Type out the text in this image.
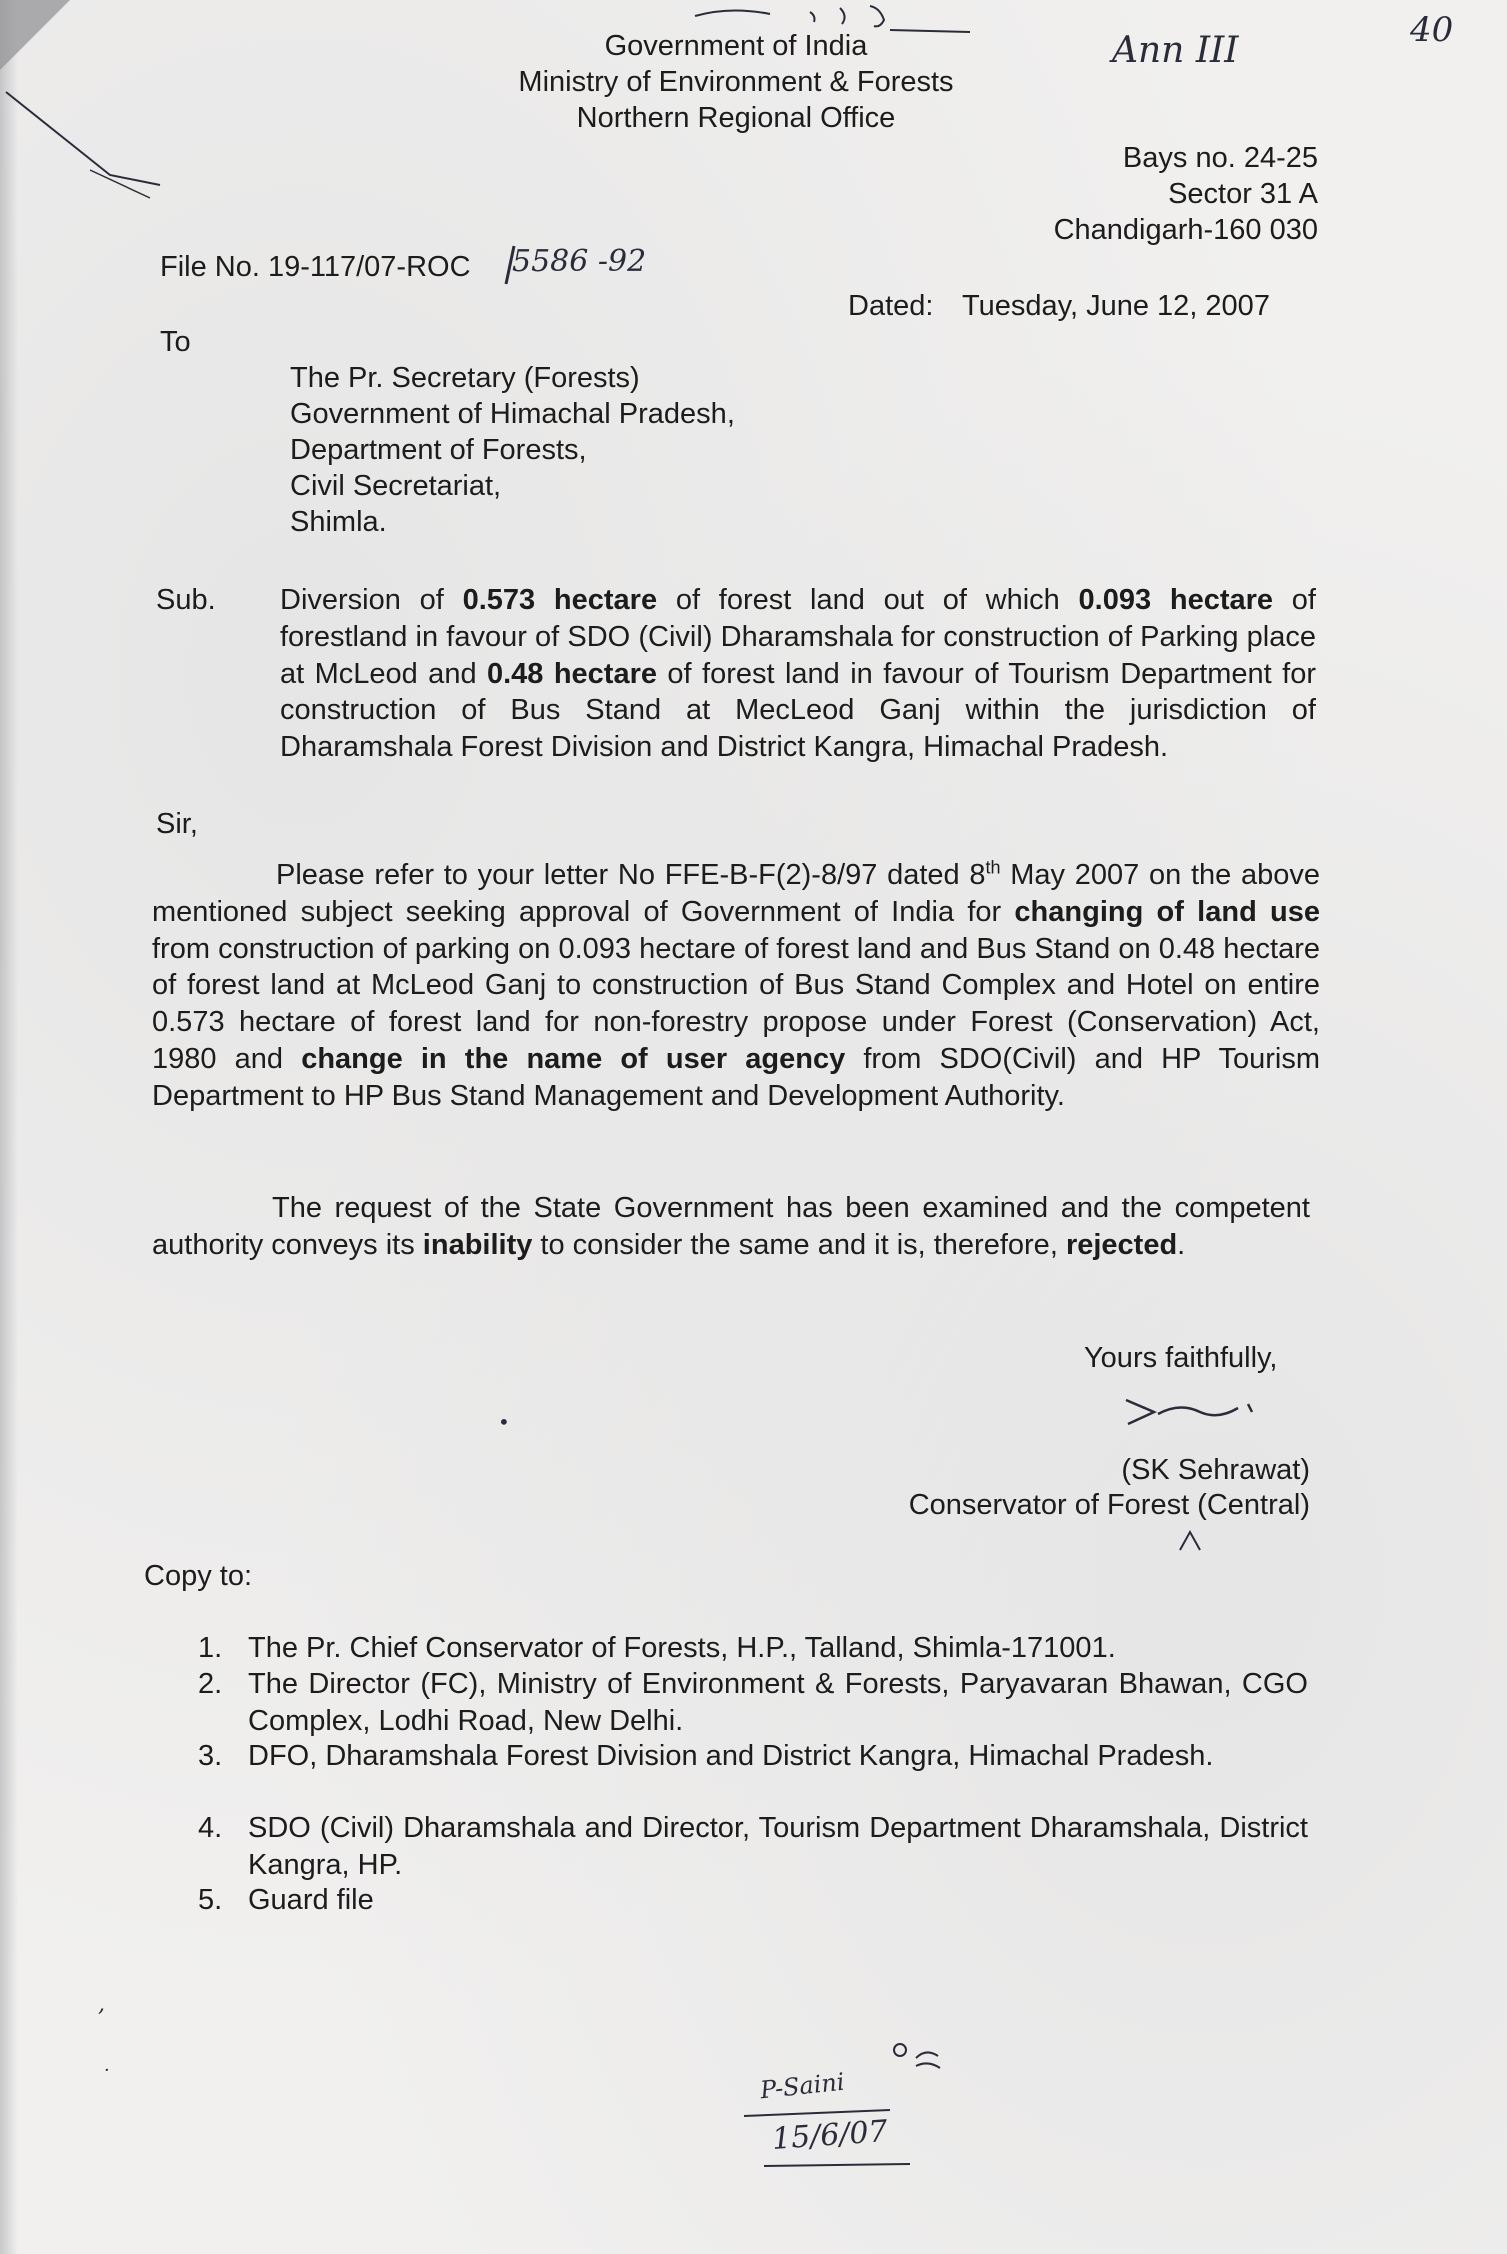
Ann III	40
Government of India
Ministry of Environment & Forests
Northern Regional Office
Bays no. 24-25
Sector 31 A
Chandigarh-160 030
File No. 19-117/07-ROC 5586 -92
Dated: Tuesday, June 12, 2007
To
The Pr. Secretary (Forests)
Government of Himachal Pradesh,
Department of Forests,
Civil Secretariat,
Shimla.
Sub. Diversion of 0.573 hectare of forest land out of which 0.093 hectare of forestland in favour of SDO (Civil) Dharamshala for construction of Parking place at McLeod and 0.48 hectare of forest land in favour of Tourism Department for construction of Bus Stand at MecLeod Ganj within the jurisdiction of Dharamshala Forest Division and District Kangra, Himachal Pradesh.
Sir,
Please refer to your letter No FFE-B-F(2)-8/97 dated 8th May 2007 on the above mentioned subject seeking approval of Government of India for changing of land use from construction of parking on 0.093 hectare of forest land and Bus Stand on 0.48 hectare of forest land at McLeod Ganj to construction of Bus Stand Complex and Hotel on entire 0.573 hectare of forest land for non-forestry propose under Forest (Conservation) Act, 1980 and change in the name of user agency from SDO(Civil) and HP Tourism Department to HP Bus Stand Management and Development Authority.
The request of the State Government has been examined and the competent authority conveys its inability to consider the same and it is, therefore, rejected.
Yours faithfully,
•
(SK Sehrawat)
Conservator of Forest (Central)
Copy to:
1. The Pr. Chief Conservator of Forests, H.P., Talland, Shimla-171001.
2. The Director (FC), Ministry of Environment & Forests, Paryavaran Bhawan, CGO Complex, Lodhi Road, New Delhi.
3. DFO, Dharamshala Forest Division and District Kangra, Himachal Pradesh.
4. SDO (Civil) Dharamshala and Director, Tourism Department Dharamshala, District Kangra, HP.
5. Guard file
P-Saini
15/6/07
,
·
